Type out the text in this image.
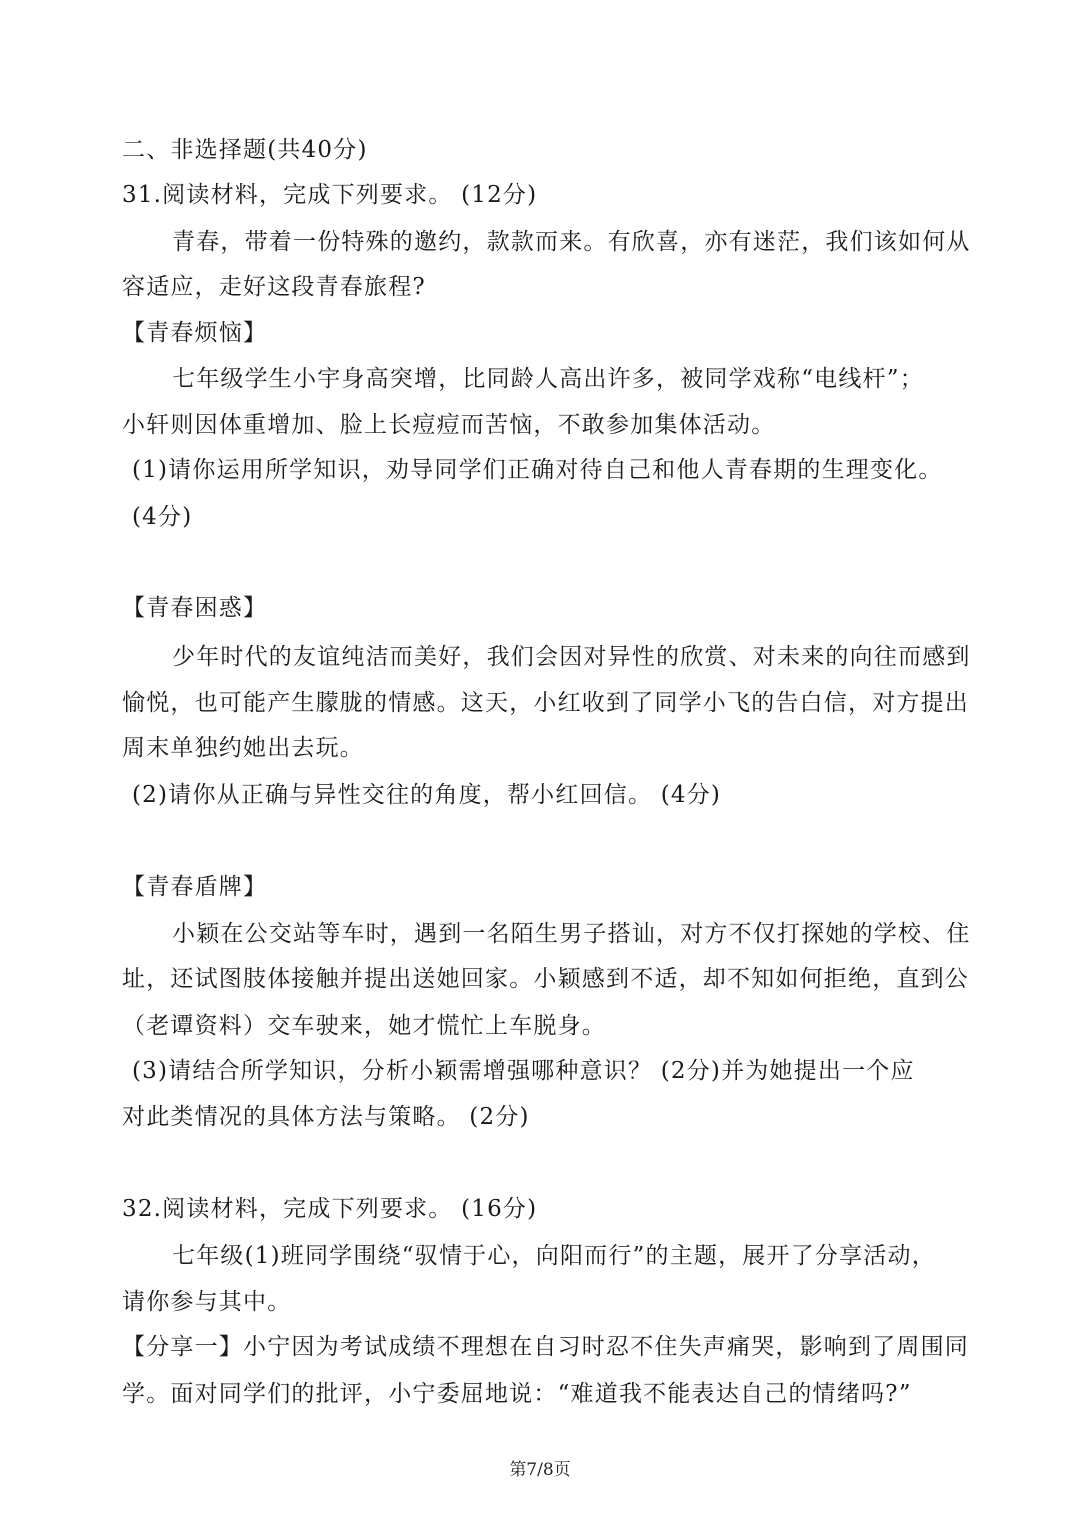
二、非选择题(共40分)
31.阅读材料，完成下列要求。 (12分)
青春，带着一份特殊的邀约，款款而来。有欣喜，亦有迷茫，我们该如何从
容适应，走好这段青春旅程?
【青春烦恼】
七年级学生小宇身高突增，比同龄人高出许多，被同学戏称“电线杆”；
小轩则因体重增加、脸上长痘痘而苦恼，不敢参加集体活动。
(1)请你运用所学知识，劝导同学们正确对待自己和他人青春期的生理变化。
(4分)
【青春困惑】
少年时代的友谊纯洁而美好，我们会因对异性的欣赏、对未来的向往而感到
愉悦，也可能产生朦胧的情感。这天，小红收到了同学小飞的告白信，对方提出
周末单独约她出去玩。
(2)请你从正确与异性交往的角度，帮小红回信。 (4分)
【青春盾牌】
小颖在公交站等车时，遇到一名陌生男子搭讪，对方不仅打探她的学校、住
址，还试图肢体接触并提出送她回家。小颖感到不适，却不知如何拒绝，直到公
（老谭资料）交车驶来，她才慌忙上车脱身。
(3)请结合所学知识，分析小颖需增强哪种意识？ (2分)并为她提出一个应
对此类情况的具体方法与策略。 (2分)
32.阅读材料，完成下列要求。 (16分)
七年级(1)班同学围绕“驭情于心，向阳而行”的主题，展开了分享活动，
请你参与其中。
【分享一】小宁因为考试成绩不理想在自习时忍不住失声痛哭，影响到了周围同
学。面对同学们的批评，小宁委屈地说：“难道我不能表达自己的情绪吗?”
第7/8页
